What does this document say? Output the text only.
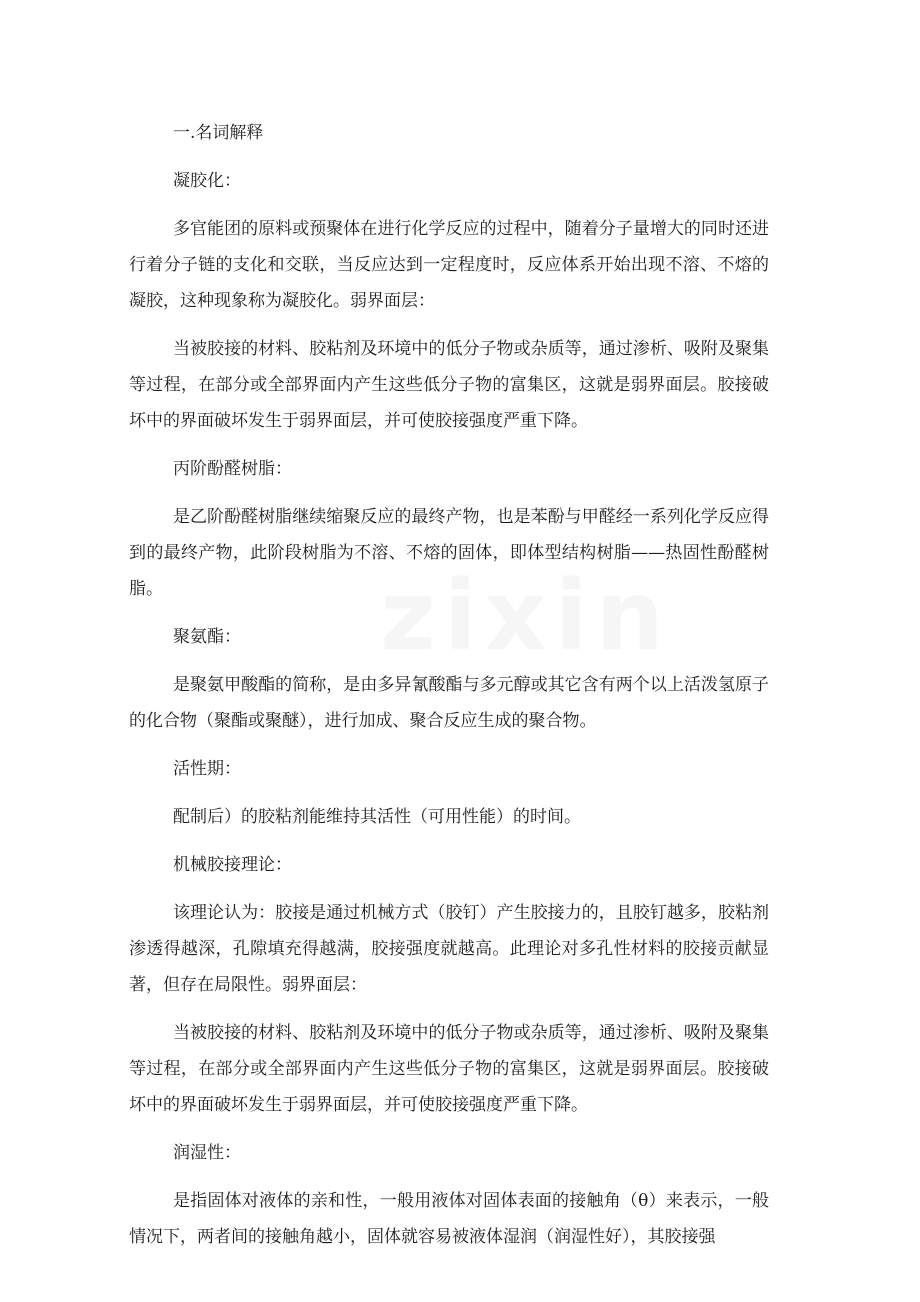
一.名词解释

凝胶化：

多官能团的原料或预聚体在进行化学反应的过程中，随着分子量增大的同时还进行着分子链的支化和交联，当反应达到一定程度时，反应体系开始出现不溶、不熔的凝胶，这种现象称为凝胶化。弱界面层：

当被胶接的材料、胶粘剂及环境中的低分子物或杂质等，通过渗析、吸附及聚集等过程，在部分或全部界面内产生这些低分子物的富集区，这就是弱界面层。胶接破坏中的界面破坏发生于弱界面层，并可使胶接强度严重下降。

丙阶酚醛树脂：

是乙阶酚醛树脂继续缩聚反应的最终产物，也是苯酚与甲醛经一系列化学反应得到的最终产物，此阶段树脂为不溶、不熔的固体，即体型结构树脂——热固性酚醛树脂。

聚氨酯：

是聚氨甲酸酯的简称，是由多异氰酸酯与多元醇或其它含有两个以上活泼氢原子的化合物（聚酯或聚醚），进行加成、聚合反应生成的聚合物。

活性期：

配制后）的胶粘剂能维持其活性（可用性能）的时间。

机械胶接理论：

该理论认为：胶接是通过机械方式（胶钉）产生胶接力的，且胶钉越多，胶粘剂渗透得越深，孔隙填充得越满，胶接强度就越高。此理论对多孔性材料的胶接贡献显著，但存在局限性。弱界面层：

当被胶接的材料、胶粘剂及环境中的低分子物或杂质等，通过渗析、吸附及聚集等过程，在部分或全部界面内产生这些低分子物的富集区，这就是弱界面层。胶接破坏中的界面破坏发生于弱界面层，并可使胶接强度严重下降。

润湿性：

是指固体对液体的亲和性，一般用液体对固体表面的接触角（θ）来表示，一般情况下，两者间的接触角越小，固体就容易被液体湿润（润湿性好），其胶接强
